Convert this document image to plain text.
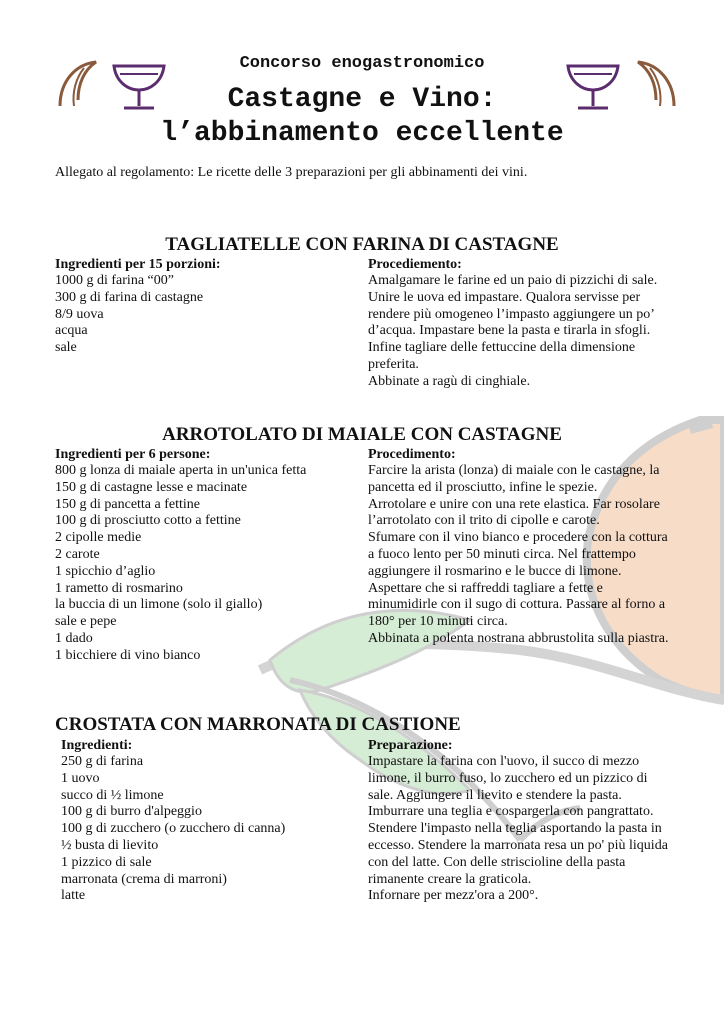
Concorso enogastronomico
Castagne e Vino:
l’abbinamento eccellente
Allegato al regolamento: Le ricette delle 3 preparazioni per gli abbinamenti dei vini.
TAGLIATELLE CON FARINA DI CASTAGNE
Ingredienti per 15 porzioni:
1000 g di farina “00”
300 g di farina di castagne
8/9 uova
acqua
sale
Procediemento:

Amalgamare le farine ed un paio di pizzichi di sale. Unire le uova ed impastare. Qualora servisse per rendere più omogeneo l’impasto aggiungere un po’ d’acqua. Impastare bene la pasta e tirarla in sfogli. Infine tagliare delle fettuccine della dimensione preferita.

Abbinate a ragù di cinghiale.

ARROTOLATO DI MAIALE CON CASTAGNE
Ingredienti per 6 persone:
800 g lonza di maiale aperta in un'unica fetta
150 g di castagne lesse e macinate
150 g di pancetta a fettine
100 g di prosciutto cotto a fettine
2 cipolle medie
2 carote
1 spicchio d’aglio
1 rametto di rosmarino
la buccia di un limone (solo il giallo)
sale e pepe
1 dado
1 bicchiere di vino bianco
Procedimento:

Farcire la arista (lonza) di maiale con le castagne, la pancetta ed il prosciutto, infine le spezie.

Arrotolare e unire con una rete elastica. Far rosolare l’arrotolato con il trito di cipolle e carote.

Sfumare con il vino bianco e procedere con la cottura a fuoco lento per 50 minuti circa. Nel frattempo aggiungere il rosmarino e le bucce di limone.

Aspettare che si raffreddi tagliare a fette e minumidirle con il sugo di cottura. Passare al forno a 180° per 10 minuti circa.

Abbinata a polenta nostrana abbrustolita sulla piastra.

CROSTATA CON MARRONATA DI CASTIONE
Ingredienti:
250 g di farina
1 uovo
succo di ½ limone
100 g di burro d'alpeggio
100 g di zucchero (o zucchero di canna)
½ busta di lievito
1 pizzico di sale
marronata (crema di marroni)
latte
Preparazione:

Impastare la farina con l'uovo, il succo di mezzo limone, il burro fuso, lo zucchero ed un pizzico di sale. Aggiungere il lievito e stendere la pasta.

Imburrare una teglia e cospargerla con pangrattato. Stendere l'impasto nella teglia asportando la pasta in eccesso. Stendere la marronata resa un po' più liquida con del latte. Con delle striscioline della pasta rimanente creare la graticola.

Infornare per mezz'ora a 200°.
